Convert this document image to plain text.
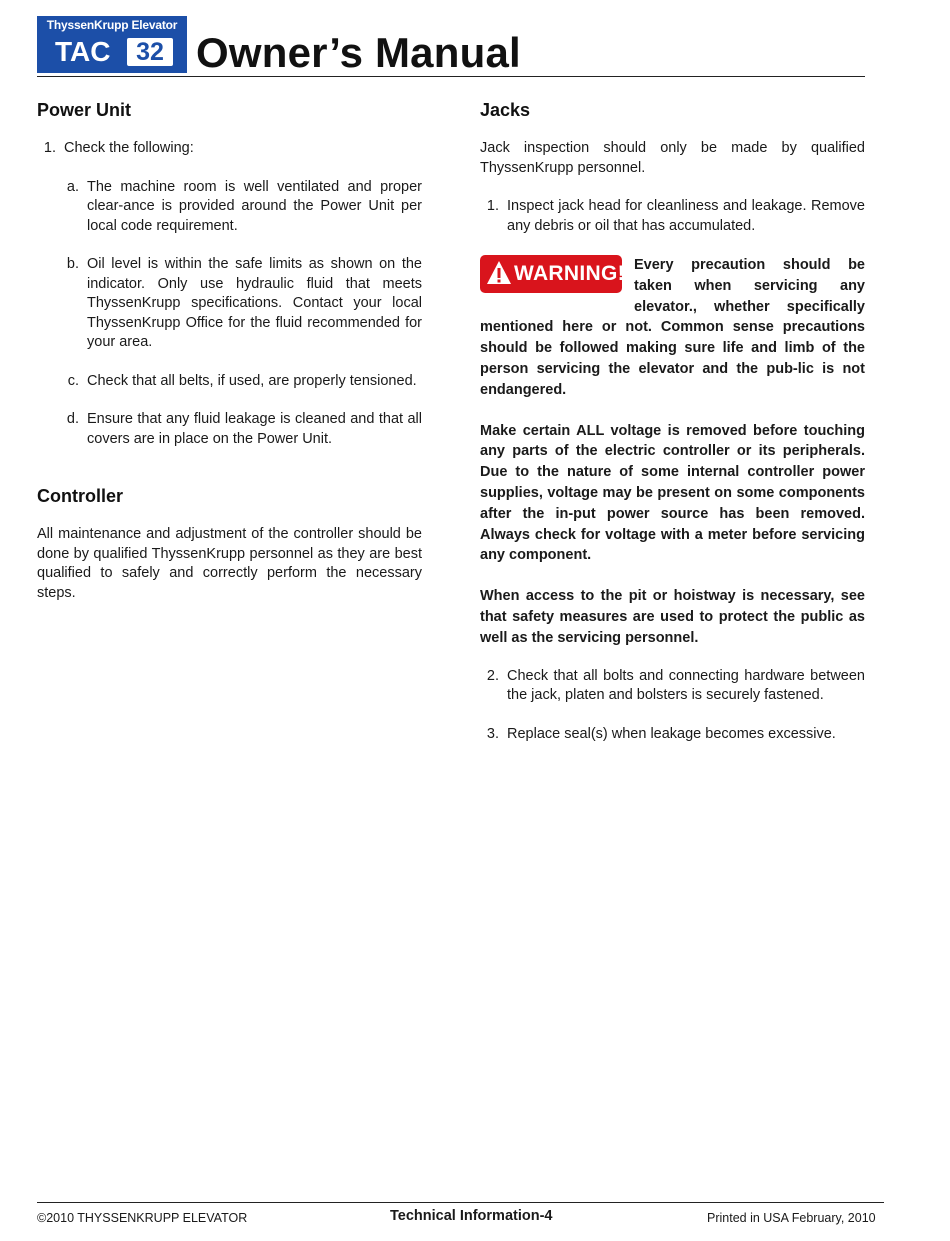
ThyssenKrupp Elevator
TAC	32 Owner’s Manual
Power Unit
1. Check the following:
a. The machine room is well ventilated and proper clear-ance is provided around the Power Unit per local code requirement.
b. Oil level is within the safe limits as shown on the indicator. Only use hydraulic fluid that meets ThyssenKrupp specifications. Contact your local ThyssenKrupp Office for the fluid recommended for your area.
c. Check that all belts, if used, are properly tensioned.
d. Ensure that any fluid leakage is cleaned and that all covers are in place on the Power Unit.
Controller
All maintenance and adjustment of the controller should be done by qualified ThyssenKrupp personnel as they are best qualified to safely and correctly perform the necessary steps.
Jacks
Jack inspection should only be made by qualified ThyssenKrupp personnel.
1. Inspect jack head for cleanliness and leakage. Remove any debris or oil that has accumulated.
WARNING! Every precaution should be taken when servicing any elevator., whether specifically mentioned here or not. Common sense precautions should be followed making sure life and limb of the person servicing the elevator and the pub-lic is not endangered.
Make certain ALL voltage is removed before touching any parts of the electric controller or its peripherals. Due to the nature of some internal controller power supplies, voltage may be present on some components after the in-put power source has been removed. Always check for voltage with a meter before servicing any component.
When access to the pit or hoistway is necessary, see that safety measures are used to protect the public as well as the servicing personnel.
2. Check that all bolts and connecting hardware between the jack, platen and bolsters is securely fastened.
3. Replace seal(s) when leakage becomes excessive.
©2010 THYSSENKRUPP ELEVATOR	Technical Information-4	Printed in USA February, 2010
